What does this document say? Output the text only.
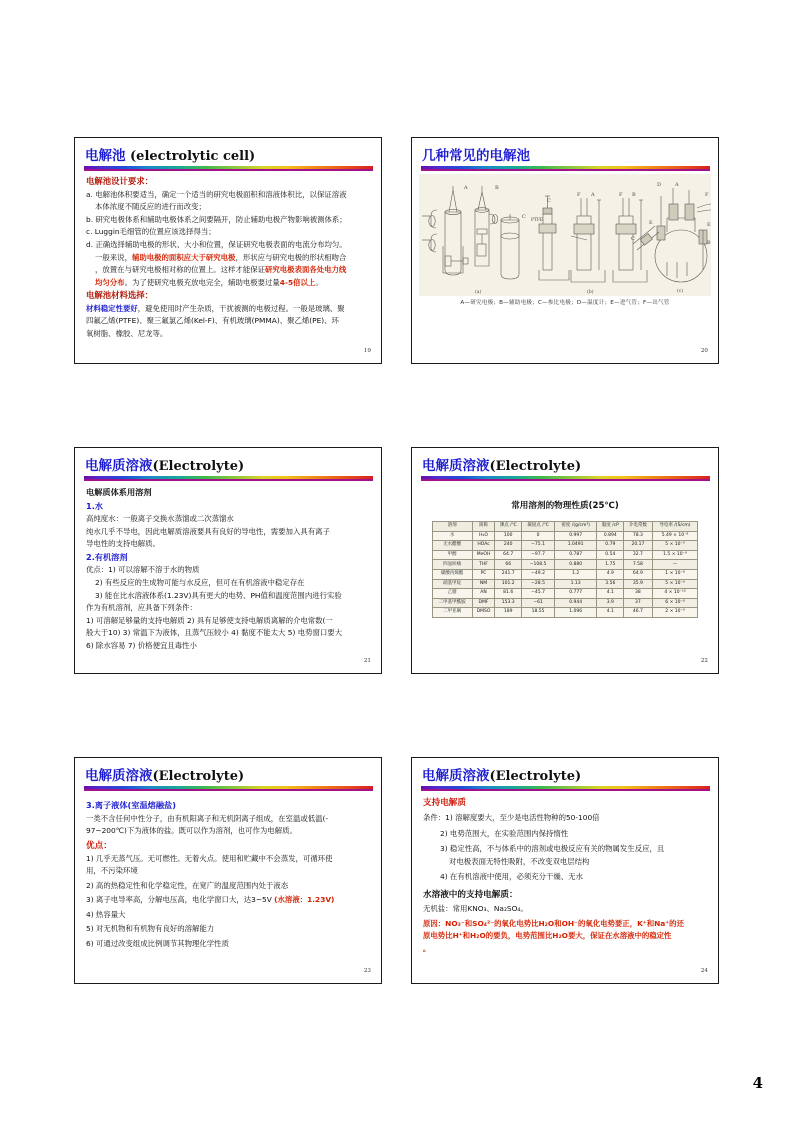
电解池 (electrolytic cell)
电解池设计要求：

a. 电解池体积要适当，确定一个适当的研究电极面积和溶液体积比，以保证溶液

本体浓度不随反应的进行而改变；

b. 研究电极体系和辅助电极体系之间要隔开，防止辅助电极产物影响被测体系；

c. Luggin毛细管的位置应该选择得当；

d. 正确选择辅助电极的形状、大小和位置，保证研究电极表面的电流分布均匀。

一般来说，辅助电极的面积应大于研究电极，形状应与研究电极的形状相吻合

，放置在与研究电极相对称的位置上。这样才能保证研究电极表面各处电力线

均匀分布。为了使研究电极充放电完全，辅助电极要过量4-5倍以上。

电解池材料选择：

材料稳定性要好，避免使用时产生杂质，干扰被测的电极过程。一般是玻璃、聚

四氟乙烯(PTFE)、聚三氟氯乙烯(Kel-F)、有机玻璃(PMMA)、聚乙烯(PE)、环

氧树脂、橡胶、尼龙等。

19
几种常见的电解池
A	B
C
(a)
PTFE
C
F A	F B
(b)
D	A
F
E	E
B
C
(c)
A—研究电极；B—辅助电极；C—参比电极；D—温度计；E—进气管；F—出气管
20
电解质溶液(Electrolyte)
电解质体系用溶剂
1.水

高纯度水：一般离子交换水蒸馏或二次蒸馏水

纯水几乎不导电，因此电解质溶液要具有良好的导电性，需要加入具有离子

导电性的支持电解质。

2.有机溶剂

优点：1) 可以溶解不溶于水的物质

2) 有些反应的生成物可能与水反应，但可在有机溶液中稳定存在

3) 能在比水溶液体系(1.23V)具有更大的电势、PH值和温度范围内进行实验

作为有机溶剂，应具备下列条件：

1) 可溶解足够量的支持电解质 2) 具有足够使支持电解质离解的介电常数(一

般大于10) 3) 常温下为液体，且蒸气压较小 4) 黏度不能太大 5) 电势窗口要大

6) 除水容易 7) 价格便宜且毒性小

21
电解质溶液(Electrolyte)
常用溶剂的物理性质(25℃)
溶剂	简称	沸点 /℃	凝固点 /℃	密度 /(g/cm³)	黏度 /cP	介电常数	导电率 /(S/cm)
水	H₂O	100	0	0.997	0.894	78.3	5.49 × 10⁻⁸
无水醋酸	HOAc	240	−75.1	1.0491	0.79	20.17	5 × 10⁻⁹
甲醇	MeOH	64.7	−97.7	0.787	0.54	32.7	1.5 × 10⁻⁹
四氢呋喃	THF	66	−108.5	0.880	1.75	7.58	—
碳酸丙烯酯	PC	241.7	−49.2	1.2	4.9	64.9	1 × 10⁻⁸
硝基甲烷	NM	101.2	−28.5	1.13	3.56	35.9	5 × 10⁻⁹
乙腈	AN	81.6	−45.7	0.777	4.1	38	4 × 10⁻¹⁰
二甲基甲酰胺	DMF	153.3	−61	0.944	3.9	37	6 × 10⁻⁸
二甲亚砜	DMSO	189	18.55	1.096	4.1	46.7	2 × 10⁻⁹
22
电解质溶液(Electrolyte)
3.离子液体(室温熔融盐)

一类不含任何中性分子，由有机阳离子和无机阴离子组成，在室温或低温(-

97~200℃)下为液体的盐。既可以作为溶剂，也可作为电解质。

优点：

1) 几乎无蒸气压。无可燃性。无着火点。使用和贮藏中不会蒸发，可循环使

用，不污染环境

2) 高的热稳定性和化学稳定性，在宽广的温度范围内处于液态

3) 离子电导率高，分解电压高，电化学窗口大，达3~5V (水溶液：1.23V)

4) 热容量大

5) 对无机物和有机物有良好的溶解能力

6) 可通过改变组成比例调节其物理化学性质

23
电解质溶液(Electrolyte)
支持电解质

条件：1) 溶解度要大，至少是电活性物种的50-100倍

2) 电势范围大，在实验范围内保持惰性

3) 稳定性高，不与体系中的溶剂或电极反应有关的物属发生反应，且

对电极表面无特性吸附，不改变双电层结构

4) 在有机溶液中使用，必须充分干燥、无水

水溶液中的支持电解质：

无机盐：常用KNO₃、Na₂SO₄。

原因：NO₃⁻和SO₄²⁻的氧化电势比H₂O和OH⁻的氧化电势要正，K⁺和Na⁺的还

原电势比H⁺和H₂O的要负，电势范围比H₂O要大，保证在水溶液中的稳定性

。

24
4
